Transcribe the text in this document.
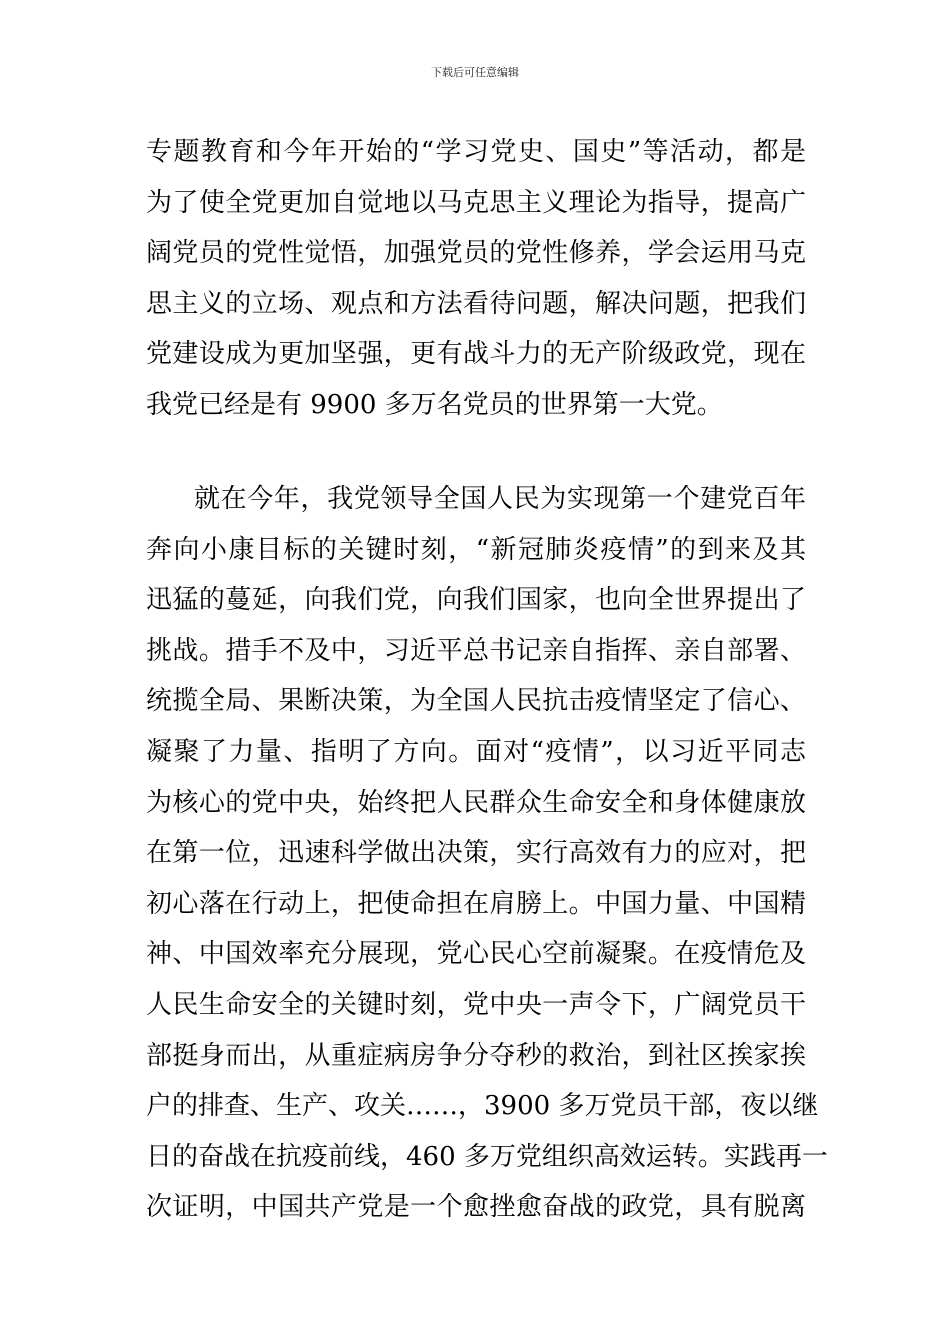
下载后可任意编辑
专题教育和今年开始的“学习党史、国史”等活动，都是
为了使全党更加自觉地以马克思主义理论为指导，提高广
阔党员的党性觉悟，加强党员的党性修养，学会运用马克
思主义的立场、观点和方法看待问题，解决问题，把我们
党建设成为更加坚强，更有战斗力的无产阶级政党，现在
我党已经是有 9900 多万名党员的世界第一大党。
就在今年，我党领导全国人民为实现第一个建党百年
奔向小康目标的关键时刻，“新冠肺炎疫情”的到来及其
迅猛的蔓延，向我们党，向我们国家，也向全世界提出了
挑战。措手不及中，习近平总书记亲自指挥、亲自部署、
统揽全局、果断决策，为全国人民抗击疫情坚定了信心、
凝聚了力量、指明了方向。面对“疫情”，以习近平同志
为核心的党中央，始终把人民群众生命安全和身体健康放
在第一位，迅速科学做出决策，实行高效有力的应对，把
初心落在行动上，把使命担在肩膀上。中国力量、中国精
神、中国效率充分展现，党心民心空前凝聚。在疫情危及
人民生命安全的关键时刻，党中央一声令下，广阔党员干
部挺身而出，从重症病房争分夺秒的救治，到社区挨家挨
户的排查、生产、攻关……，3900 多万党员干部，夜以继
日的奋战在抗疫前线，460 多万党组织高效运转。实践再一
次证明，中国共产党是一个愈挫愈奋战的政党，具有脱离
